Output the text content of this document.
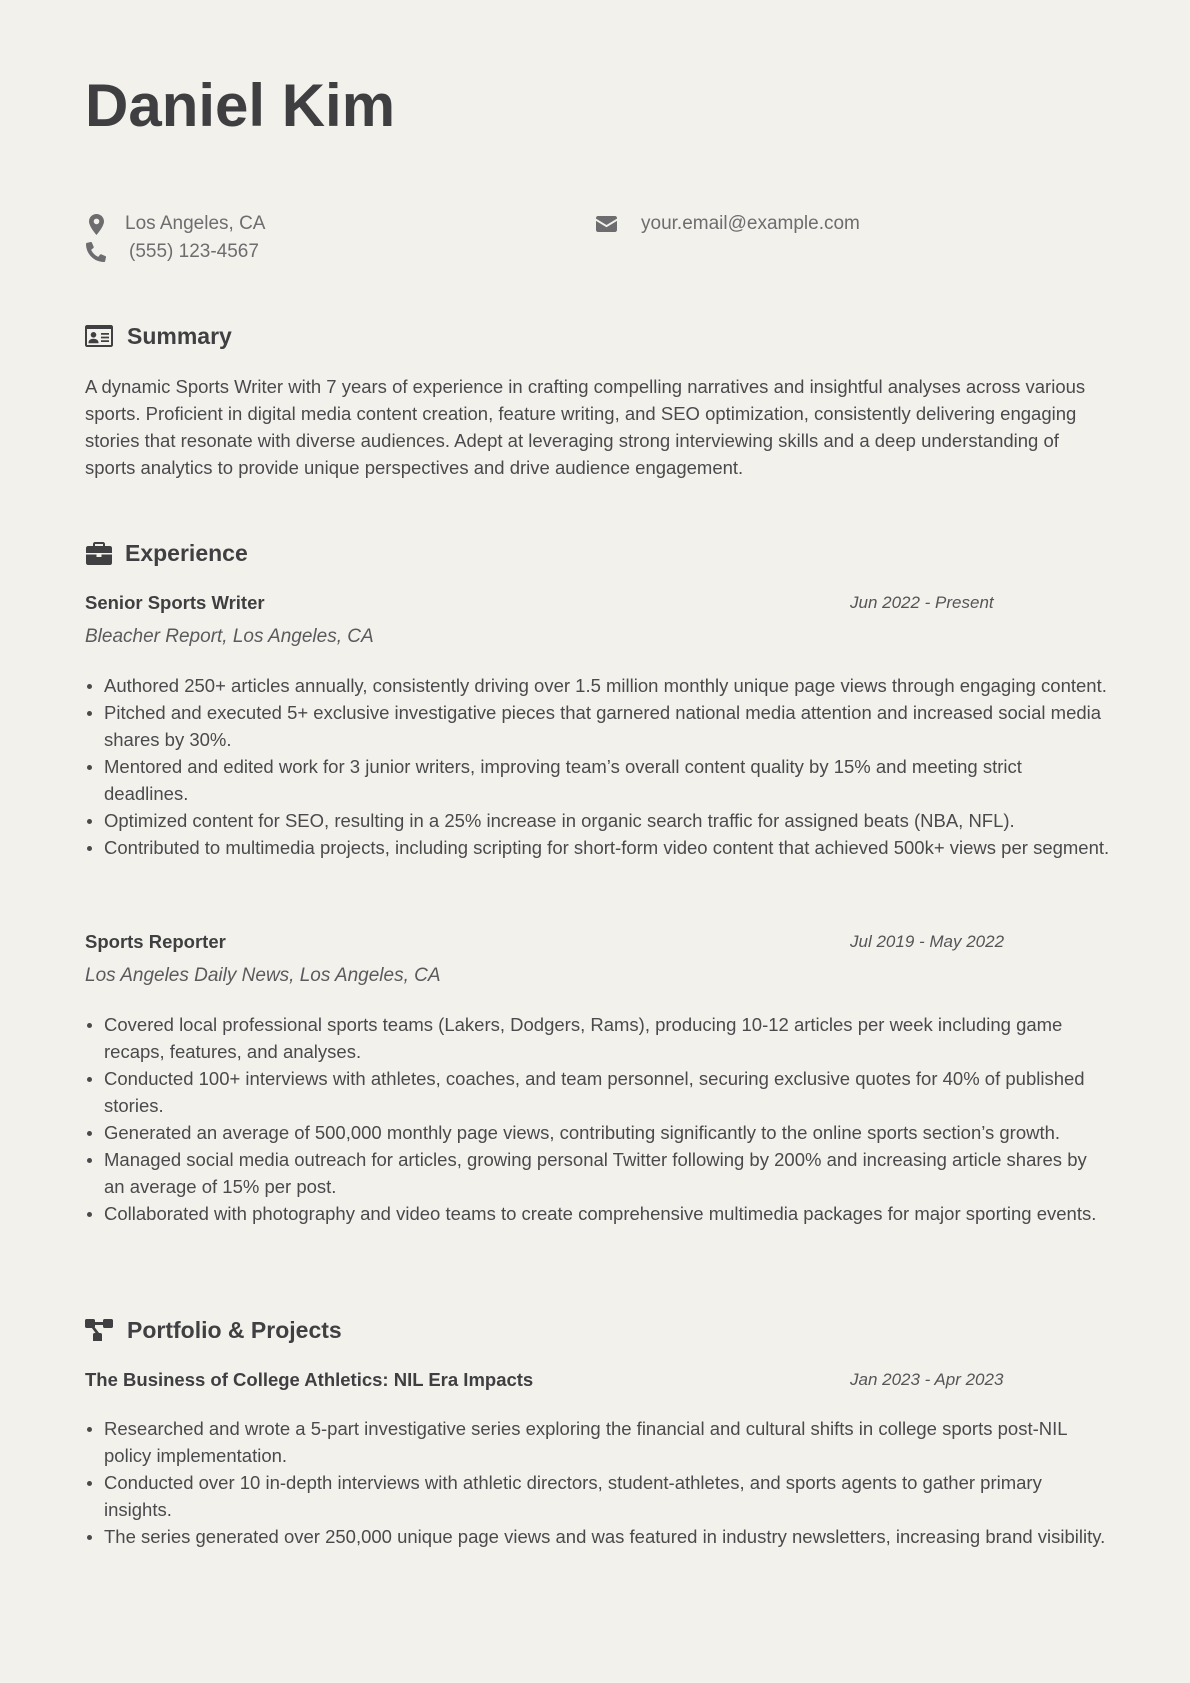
Daniel Kim
Los Angeles, CA	your.email@example.com
(555) 123-4567
Summary

A dynamic Sports Writer with 7 years of experience in crafting compelling narratives and insightful analyses across various sports. Proficient in digital media content creation, feature writing, and SEO optimization, consistently delivering engaging stories that resonate with diverse audiences. Adept at leveraging strong interviewing skills and a deep understanding of sports analytics to provide unique perspectives and drive audience engagement.

Experience
Senior Sports Writer	Jun 2022 - Present

Bleacher Report, Los Angeles, CA

Authored 250+ articles annually, consistently driving over 1.5 million monthly unique page views through engaging content.
Pitched and executed 5+ exclusive investigative pieces that garnered national media attention and increased social media shares by 30%.
Mentored and edited work for 3 junior writers, improving team’s overall content quality by 15% and meeting strict deadlines.
Optimized content for SEO, resulting in a 25% increase in organic search traffic for assigned beats (NBA, NFL).
Contributed to multimedia projects, including scripting for short-form video content that achieved 500k+ views per segment.
Sports Reporter	Jul 2019 - May 2022

Los Angeles Daily News, Los Angeles, CA

Covered local professional sports teams (Lakers, Dodgers, Rams), producing 10-12 articles per week including game recaps, features, and analyses.
Conducted 100+ interviews with athletes, coaches, and team personnel, securing exclusive quotes for 40% of published stories.
Generated an average of 500,000 monthly page views, contributing significantly to the online sports section’s growth.
Managed social media outreach for articles, growing personal Twitter following by 200% and increasing article shares by an average of 15% per post.
Collaborated with photography and video teams to create comprehensive multimedia packages for major sporting events.
Portfolio & Projects
The Business of College Athletics: NIL Era Impacts	Jan 2023 - Apr 2023

Researched and wrote a 5-part investigative series exploring the financial and cultural shifts in college sports post-NIL policy implementation.
Conducted over 10 in-depth interviews with athletic directors, student-athletes, and sports agents to gather primary insights.
The series generated over 250,000 unique page views and was featured in industry newsletters, increasing brand visibility.
